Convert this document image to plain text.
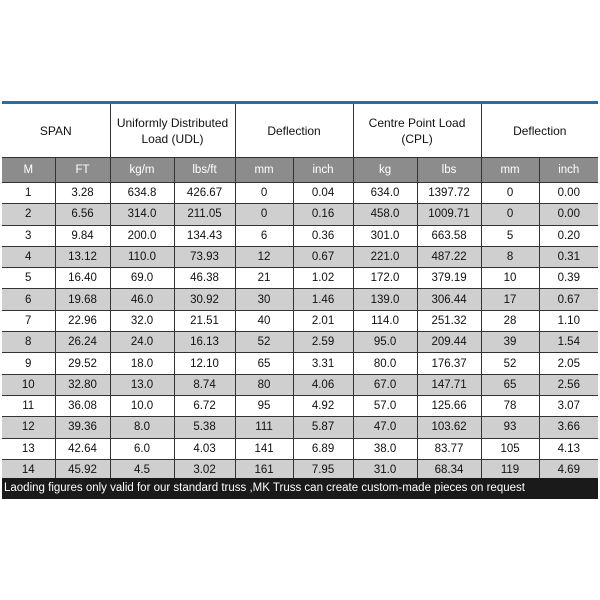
SPAN		Uniformly Distributed Load (UDL)		Deflection		Centre Point Load (CPL)		Deflection	
M	FT	kg/m	lbs/ft	mm	inch	kg	lbs	mm	inch
1	3.28	634.8	426.67	0	0.04	634.0	1397.72	0	0.00
2	6.56	314.0	211.05	0	0.16	458.0	1009.71	0	0.00
3	9.84	200.0	134.43	6	0.36	301.0	663.58	5	0.20
4	13.12	110.0	73.93	12	0.67	221.0	487.22	8	0.31
5	16.40	69.0	46.38	21	1.02	172.0	379.19	10	0.39
6	19.68	46.0	30.92	30	1.46	139.0	306.44	17	0.67
7	22.96	32.0	21.51	40	2.01	114.0	251.32	28	1.10
8	26.24	24.0	16.13	52	2.59	95.0	209.44	39	1.54
9	29.52	18.0	12.10	65	3.31	80.0	176.37	52	2.05
10	32.80	13.0	8.74	80	4.06	67.0	147.71	65	2.56
11	36.08	10.0	6.72	95	4.92	57.0	125.66	78	3.07
12	39.36	8.0	5.38	111	5.87	47.0	103.62	93	3.66
13	42.64	6.0	4.03	141	6.89	38.0	83.77	105	4.13
14	45.92	4.5	3.02	161	7.95	31.0	68.34	119	4.69
Laoding figures only valid for our standard truss ,MK Truss can create custom-made pieces on request
